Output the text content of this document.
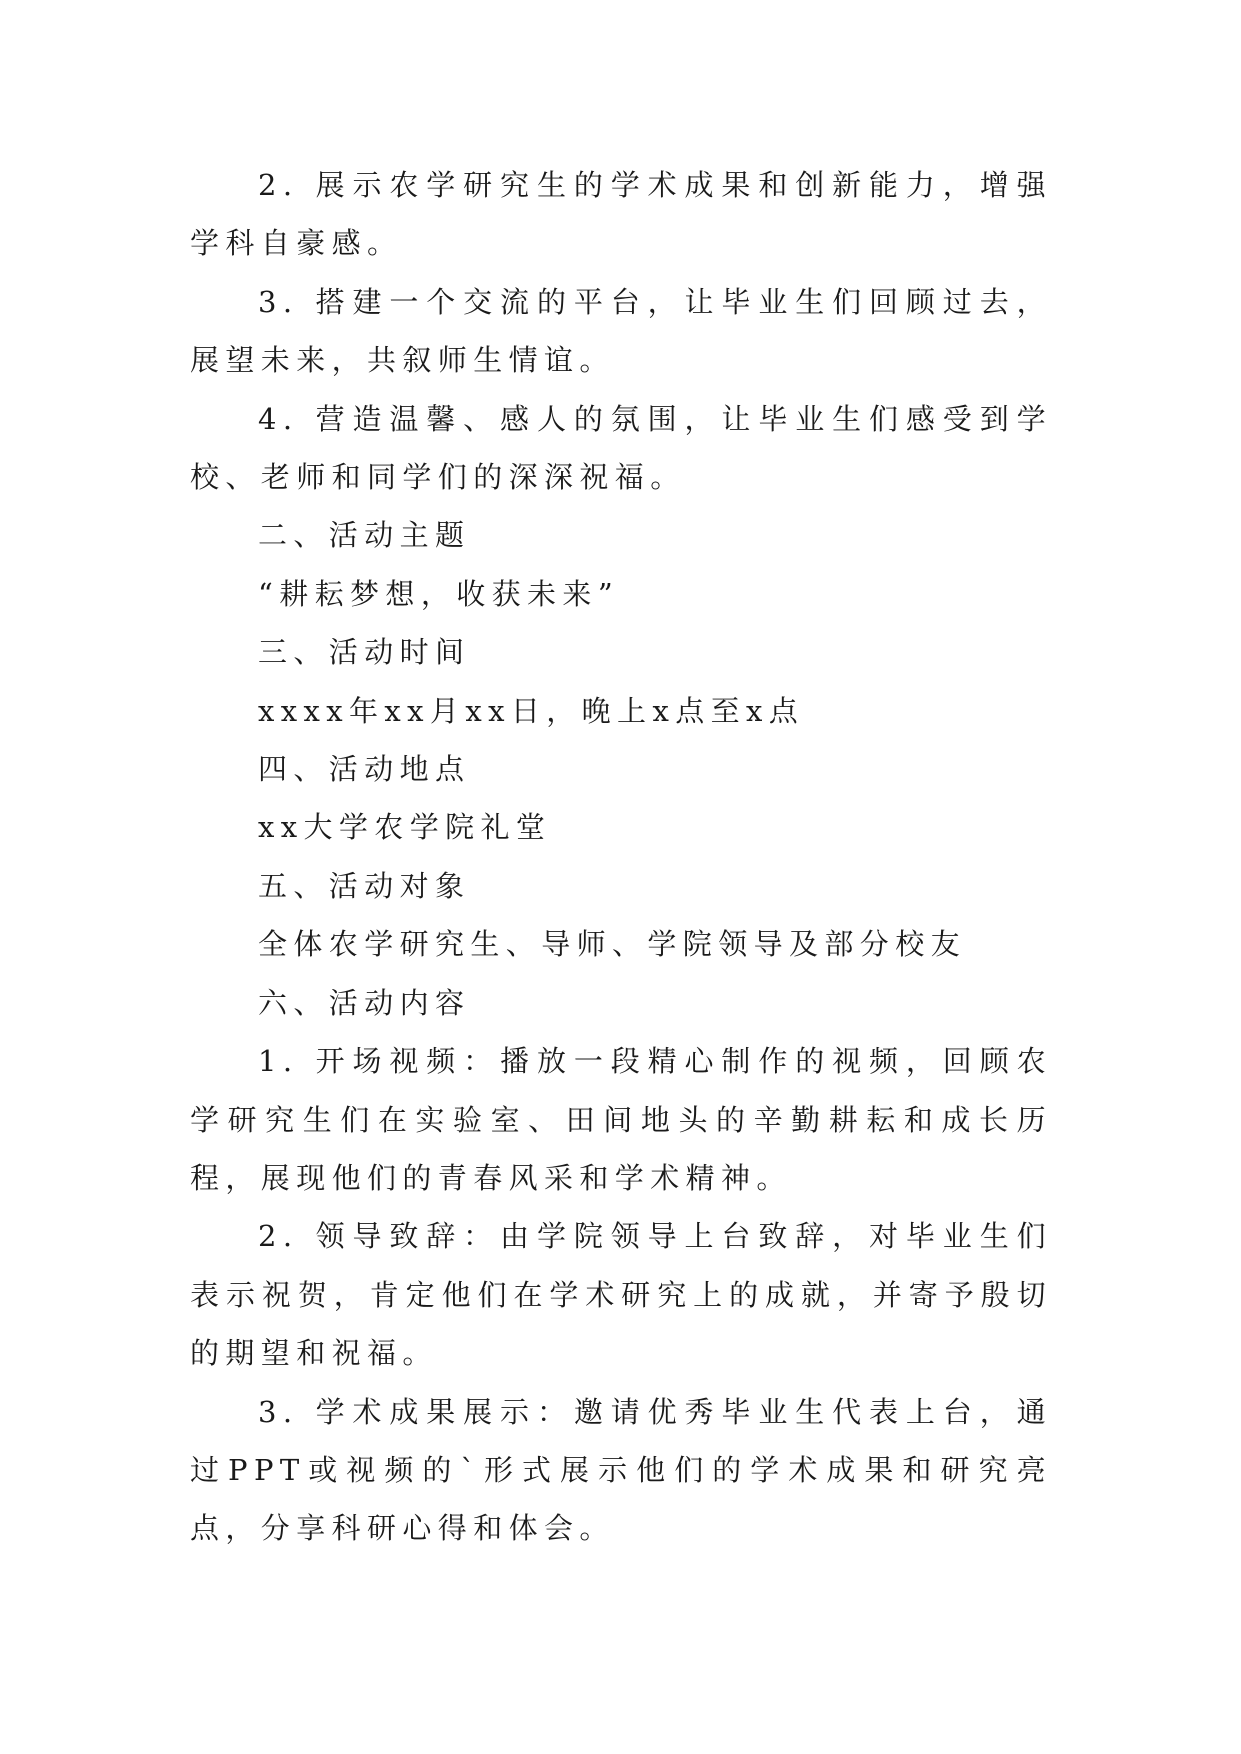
2. 展示农学研究生的学术成果和创新能力，增强学科自豪感。

3. 搭建一个交流的平台，让毕业生们回顾过去，展望未来，共叙师生情谊。

4. 营造温馨、感人的氛围，让毕业生们感受到学校、老师和同学们的深深祝福。

二、活动主题

“耕耘梦想，收获未来”

三、活动时间

xxxx年xx月xx日，晚上x点至x点

四、活动地点

xx大学农学院礼堂

五、活动对象

全体农学研究生、导师、学院领导及部分校友

六、活动内容

1. 开场视频：播放一段精心制作的视频，回顾农学研究生们在实验室、田间地头的辛勤耕耘和成长历程，展现他们的青春风采和学术精神。

2. 领导致辞：由学院领导上台致辞，对毕业生们表示祝贺，肯定他们在学术研究上的成就，并寄予殷切的期望和祝福。

3. 学术成果展示：邀请优秀毕业生代表上台，通过PPT或视频的`形式展示他们的学术成果和研究亮点，分享科研心得和体会。
